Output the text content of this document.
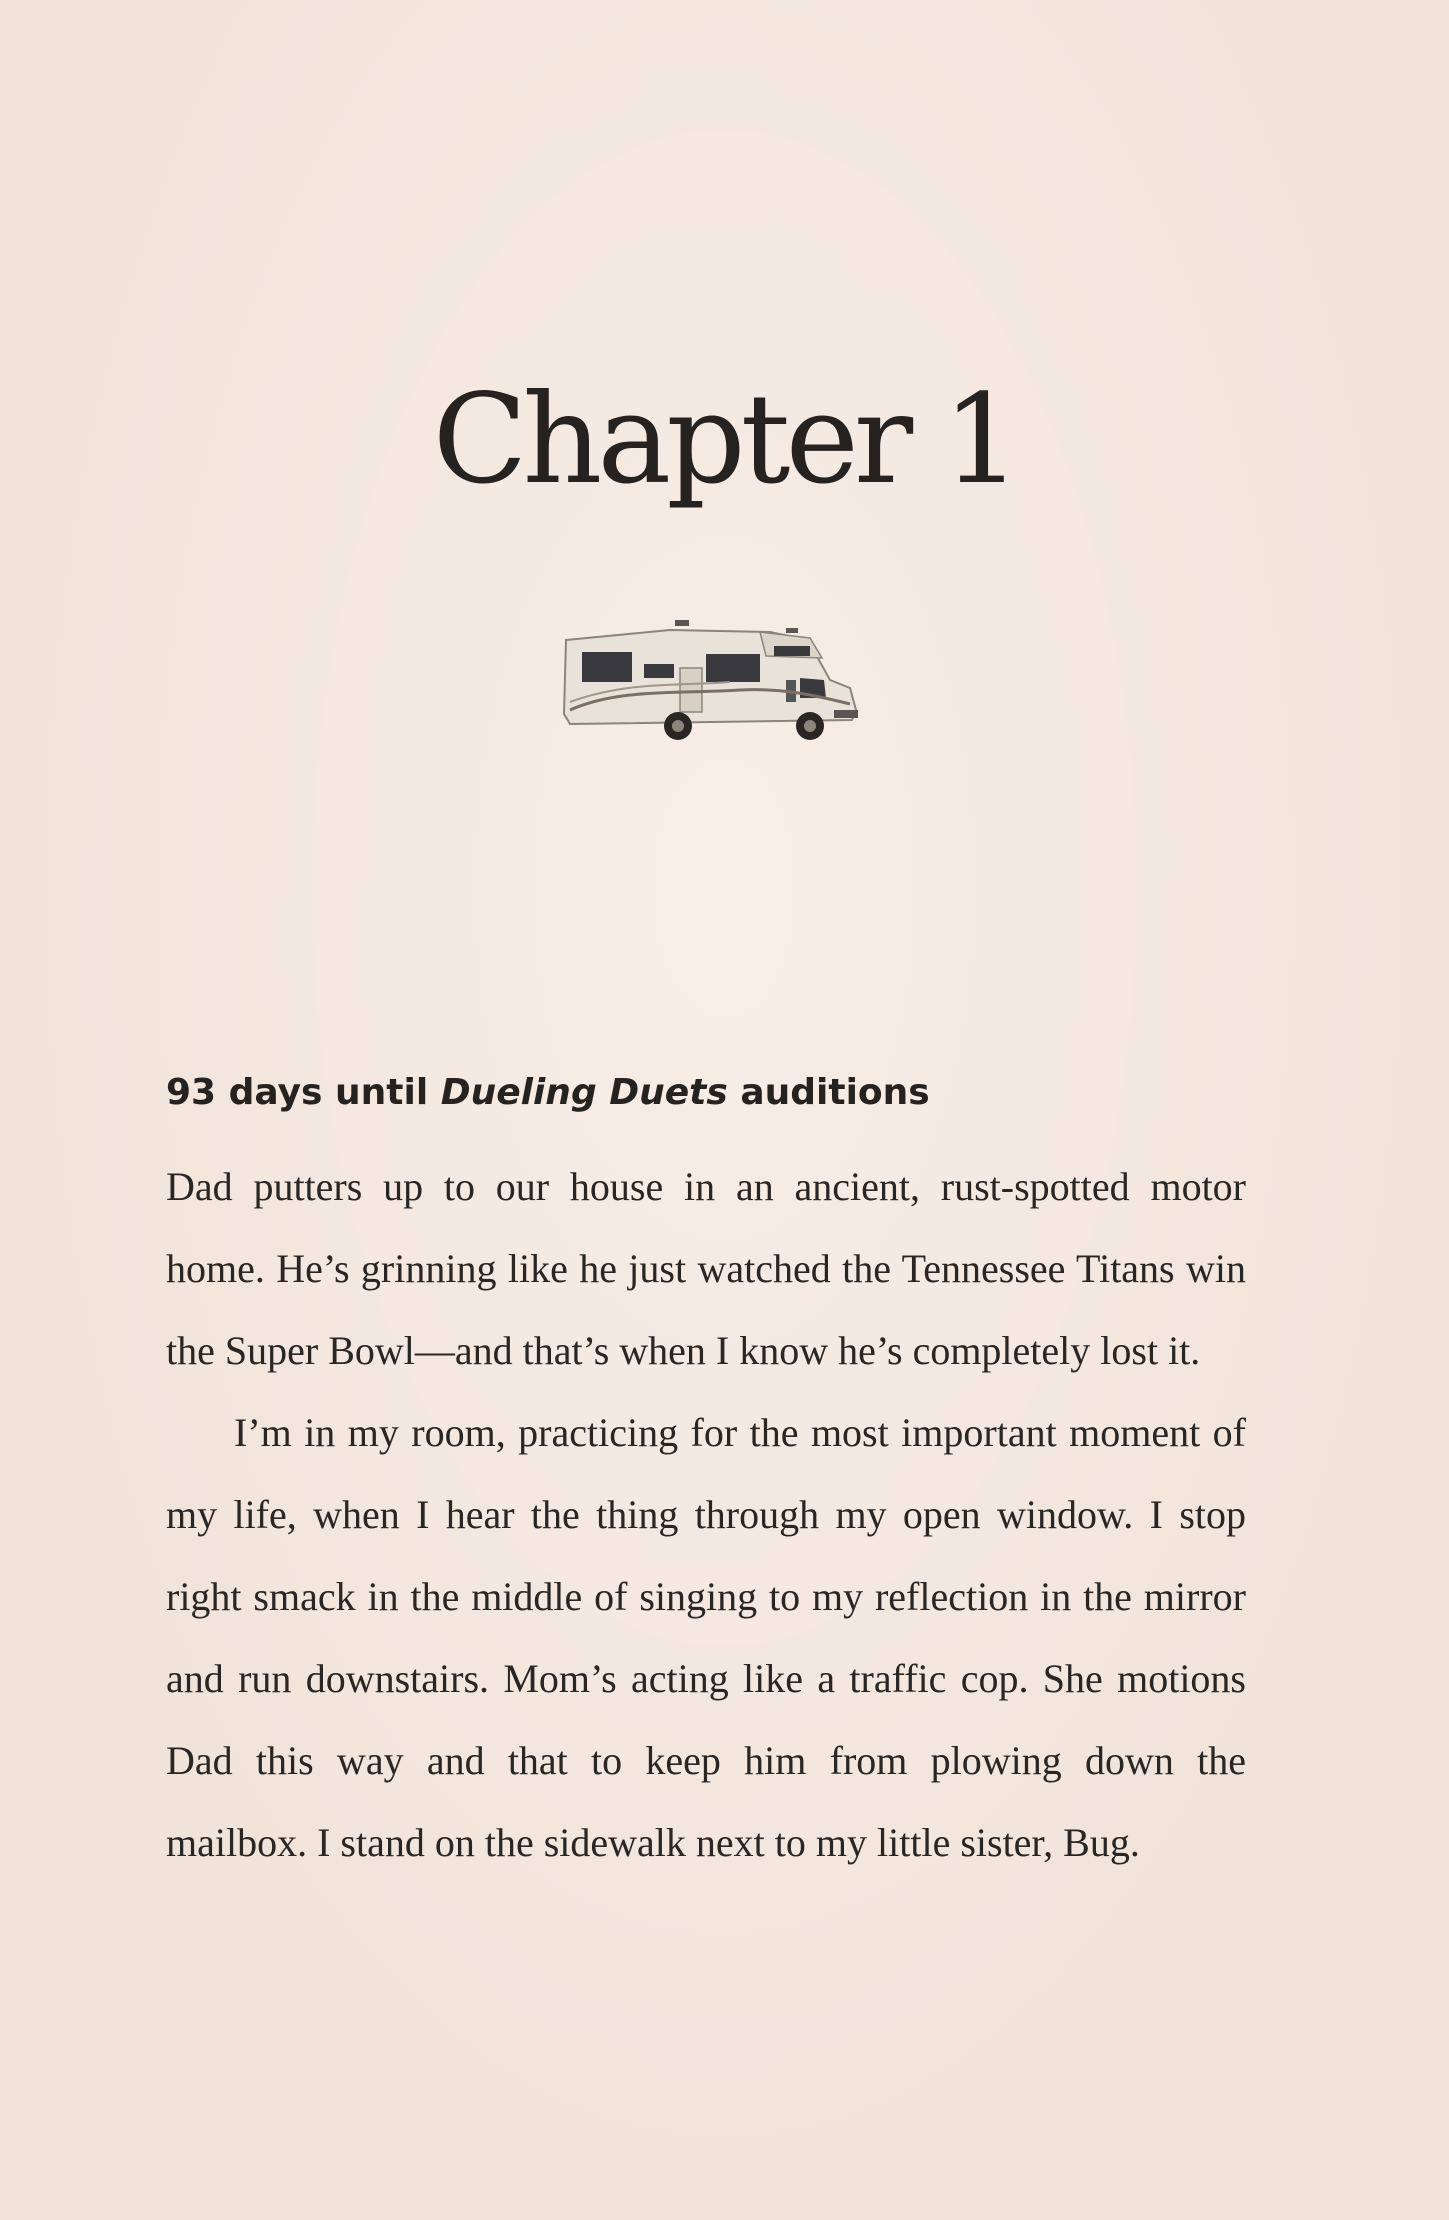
Chapter 1
93 days until Dueling Duets auditions

Dad putters up to our house in an ancient, rust-spotted motor home. He’s grinning like he just watched the Tennessee Titans win the Super Bowl—and that’s when I know he’s completely lost it.

I’m in my room, practicing for the most important moment of my life, when I hear the thing through my open window. I stop right smack in the middle of singing to my reflection in the mirror and run downstairs. Mom’s acting like a traffic cop. She motions Dad this way and that to keep him from plowing down the mailbox. I stand on the sidewalk next to my little sister, Bug.
